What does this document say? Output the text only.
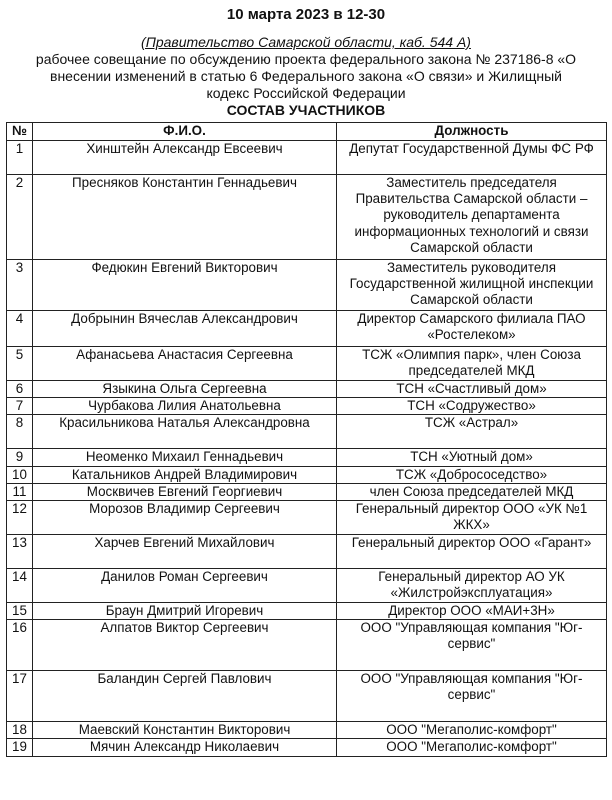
10 марта 2023 в 12-30
(Правительство Самарской области, каб. 544 А)
рабочее совещание по обсуждению проекта федерального закона № 237186-8 «О внесении изменений в статью 6 Федерального закона «О связи» и Жилищный кодекс Российской Федерации
СОСТАВ УЧАСТНИКОВ
№	Ф.И.О.	Должность
1	Хинштейн Александр Евсеевич	Депутат Государственной Думы ФС РФ
2	Пресняков Константин Геннадьевич	Заместитель председателя Правительства Самарской области – руководитель департамента информационных технологий и связи Самарской области
3	Федюкин Евгений Викторович	Заместитель руководителя Государственной жилищной инспекции Самарской области
4	Добрынин Вячеслав Александрович	Директор Самарского филиала ПАО «Ростелеком»
5	Афанасьева Анастасия Сергеевна	ТСЖ «Олимпия парк», член Союза председателей МКД
6	Языкина Ольга Сергеевна	ТСН «Счастливый дом»
7	Чурбакова Лилия Анатольевна	ТСН «Содружество»
8	Красильникова Наталья Александровна	ТСЖ «Астрал»
9	Неоменко Михаил Геннадьевич	ТСН «Уютный дом»
10	Катальников Андрей Владимирович	ТСЖ «Добрососедство»
11	Москвичев Евгений Георгиевич	член Союза председателей МКД
12	Морозов Владимир Сергеевич	Генеральный директор ООО «УК №1 ЖКХ»
13	Харчев Евгений Михайлович	Генеральный директор ООО «Гарант»
14	Данилов Роман Сергеевич	Генеральный директор АО УК «Жилстройэксплуатация»
15	Браун Дмитрий Игоревич	Директор ООО «МАИ+3Н»
16	Алпатов Виктор Сергеевич	ООО "Управляющая компания "Юг-сервис"
17	Баландин Сергей Павлович	ООО "Управляющая компания "Юг-сервис"
18	Маевский Константин Викторович	ООО "Мегаполис-комфорт"
19	Мячин Александр Николаевич	ООО "Мегаполис-комфорт"
